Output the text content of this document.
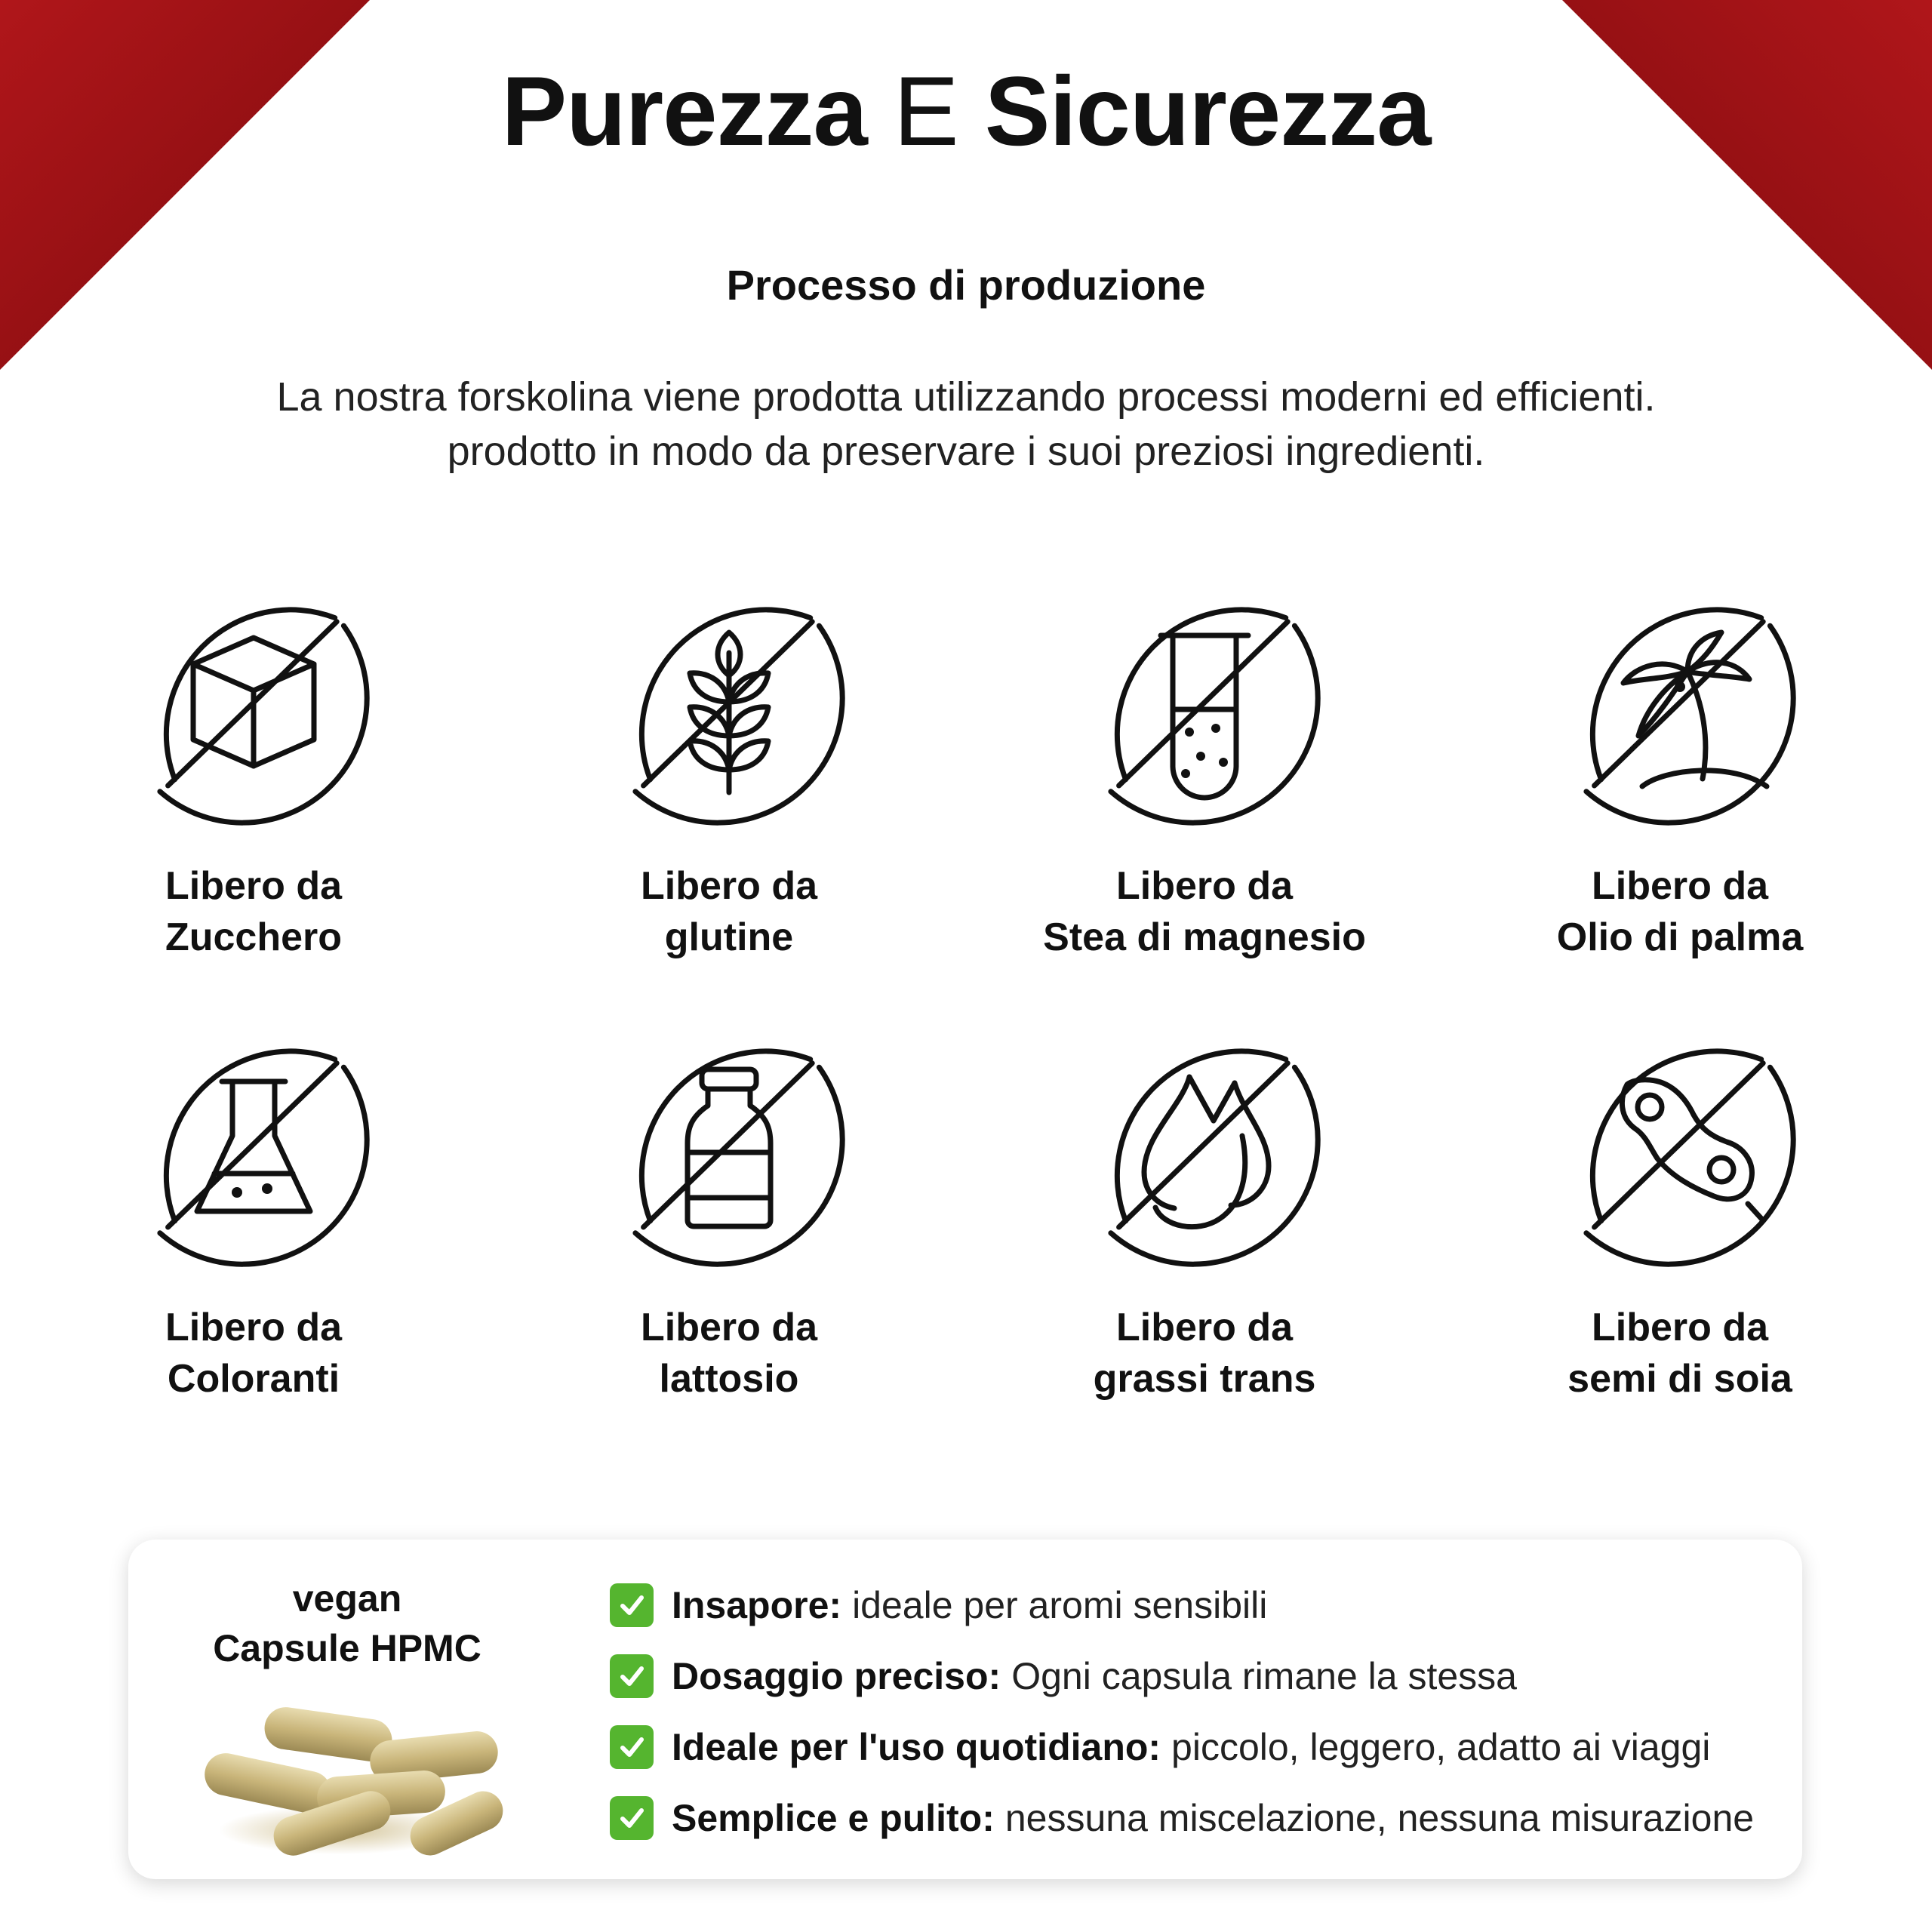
Purezza E Sicurezza
Processo di produzione

La nostra forskolina viene prodotta utilizzando processi moderni ed efficienti.

prodotto in modo da preservare i suoi preziosi ingredienti.

Libero da
Zucchero
Libero da
glutine
Libero da
Stea di magnesio
Libero da
Olio di palma
Libero da
Coloranti
Libero da
lattosio
Libero da
grassi trans
Libero da
semi di soia
vegan
Capsule HPMC
Insapore: ideale per aromi sensibili
Dosaggio preciso: Ogni capsula rimane la stessa
Ideale per l'uso quotidiano: piccolo, leggero, adatto ai viaggi
Semplice e pulito: nessuna miscelazione, nessuna misurazione
